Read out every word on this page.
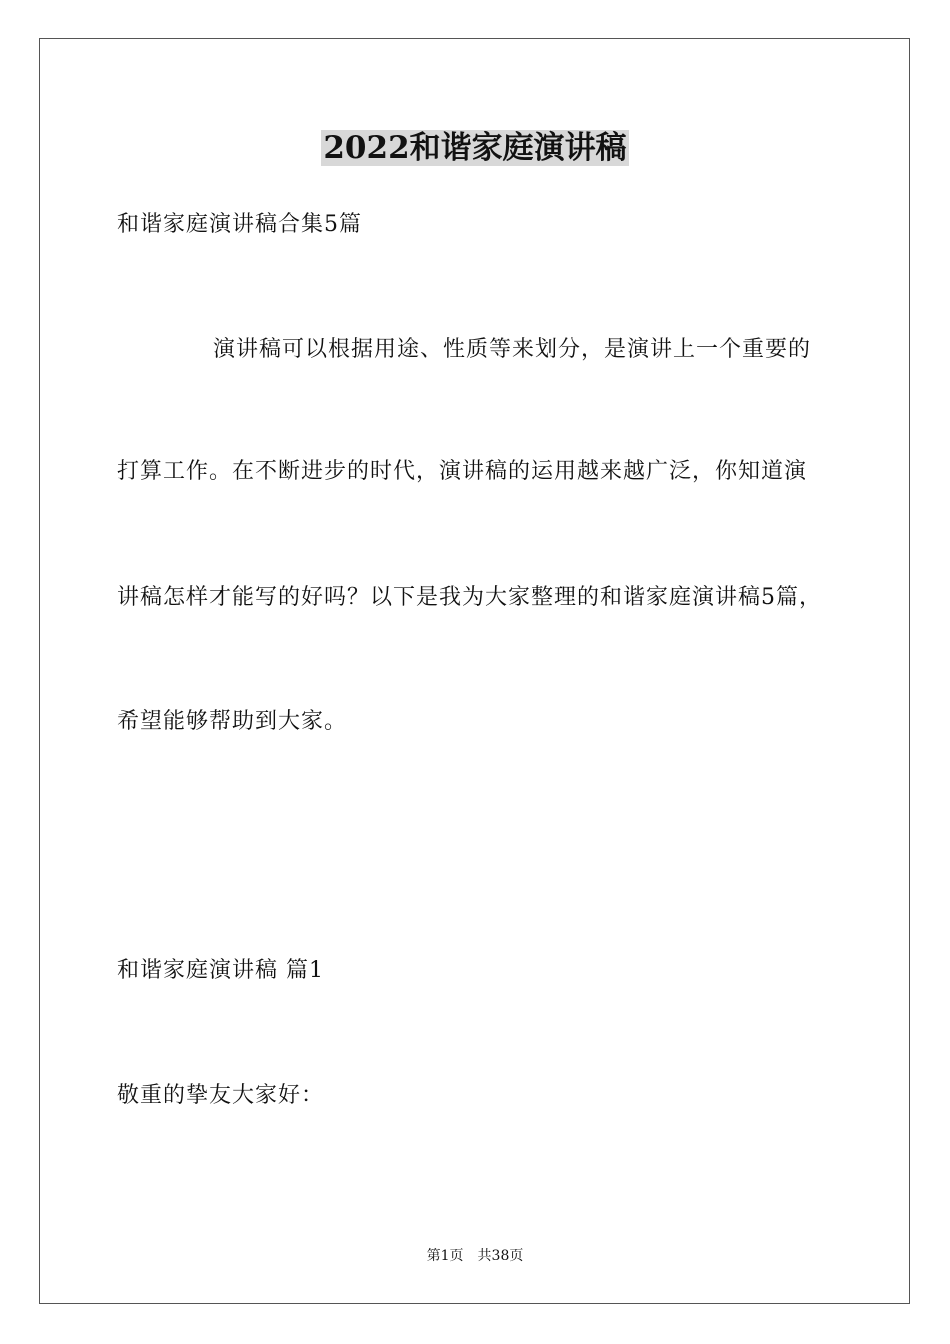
2022和谐家庭演讲稿
和谐家庭演讲稿合集5篇
演讲稿可以根据用途、性质等来划分，是演讲上一个重要的
打算工作。在不断进步的时代，演讲稿的运用越来越广泛，你知道演
讲稿怎样才能写的好吗？以下是我为大家整理的和谐家庭演讲稿5篇，
希望能够帮助到大家。
和谐家庭演讲稿 篇1
敬重的挚友大家好：
第1页 共38页
